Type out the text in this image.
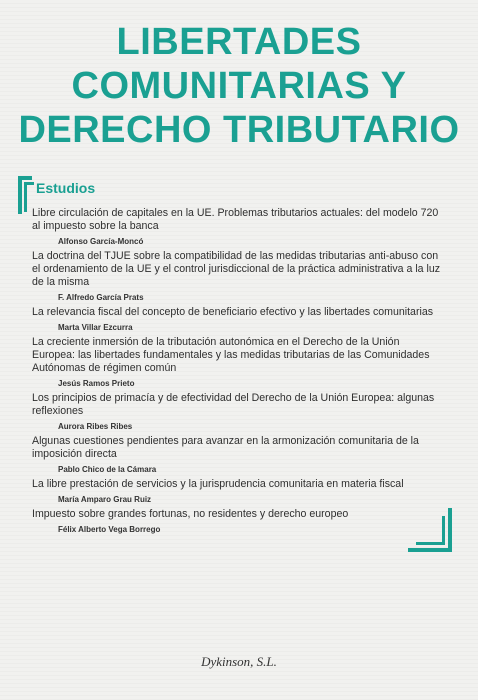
LIBERTADES
COMUNITARIAS Y
DERECHO TRIBUTARIO
Estudios
Libre circulación de capitales en la UE. Problemas tributarios actuales: del modelo 720 al impuesto sobre la banca
Alfonso García-Moncó
La doctrina del TJUE sobre la compatibilidad de las medidas tributarias anti-abuso con el ordenamiento de la UE y el control jurisdiccional de la práctica administrativa a la luz de la misma
F. Alfredo García Prats
La relevancia fiscal del concepto de beneficiario efectivo y las libertades comunitarias
Marta Villar Ezcurra
La creciente inmersión de la tributación autonómica en el Derecho de la Unión Europea: las libertades fundamentales y las medidas tributarias de las Comunidades Autónomas de régimen común
Jesús Ramos Prieto
Los principios de primacía y de efectividad del Derecho de la Unión Europea: algunas reflexiones
Aurora Ribes Ribes
Algunas cuestiones pendientes para avanzar en la armonización comunitaria de la imposición directa
Pablo Chico de la Cámara
La libre prestación de servicios y la jurisprudencia comunitaria en materia fiscal
María Amparo Grau Ruiz
Impuesto sobre grandes fortunas, no residentes y derecho europeo
Félix Alberto Vega Borrego
Dykinson, S.L.
